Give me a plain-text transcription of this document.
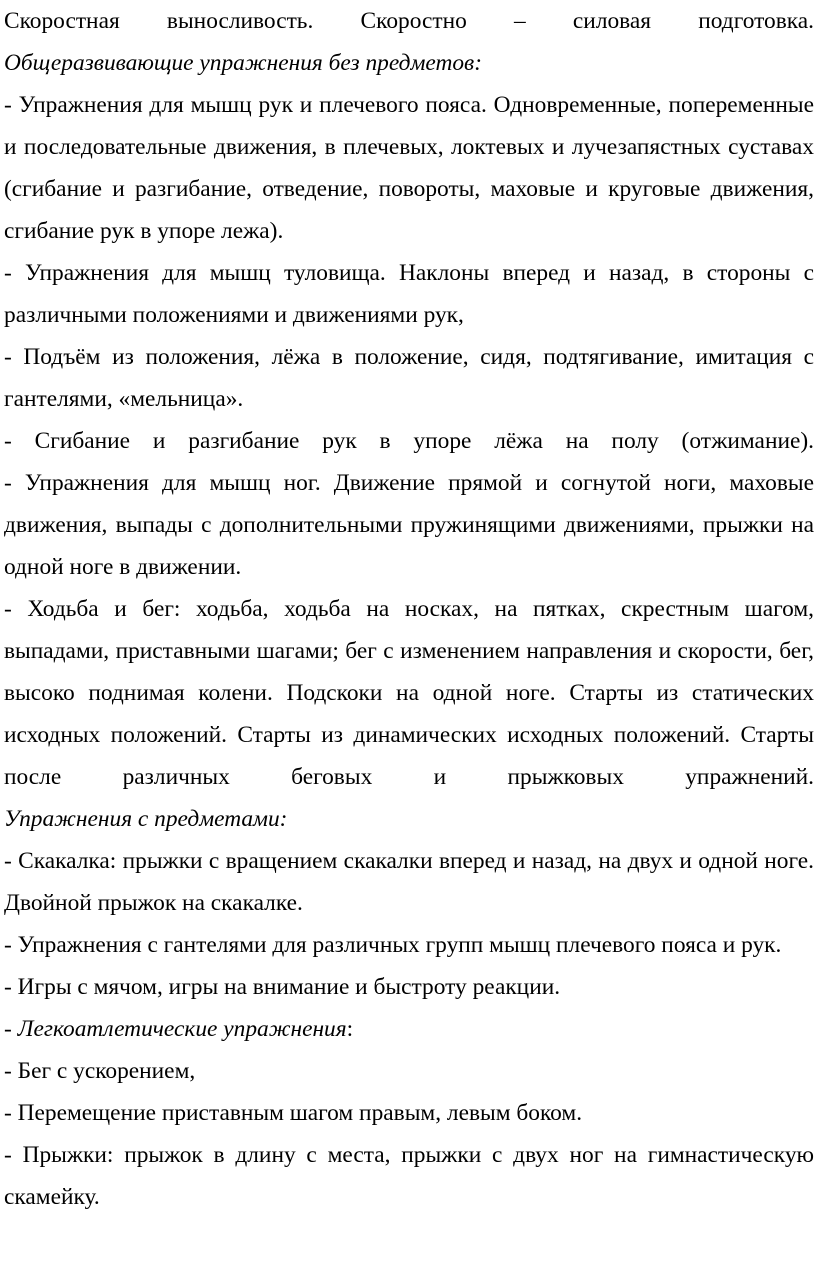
Скоростная выносливость. Скоростно – силовая подготовка.

Общеразвивающие упражнения без предметов:

- Упражнения для мышц рук и плечевого пояса. Одновременные, попеременные и последовательные движения, в плечевых, локтевых и лучезапястных суставах (сгибание и разгибание, отведение, повороты, маховые и круговые движения, сгибание рук в упоре лежа).

- Упражнения для мышц туловища. Наклоны вперед и назад, в стороны с различными положениями и движениями рук,

- Подъём из положения, лёжа в положение, сидя, подтягивание, имитация с гантелями, «мельница».

- Сгибание и разгибание рук в упоре лёжа на полу (отжимание).

- Упражнения для мышц ног. Движение прямой и согнутой ноги, маховые движения, выпады с дополнительными пружинящими движениями, прыжки на одной ноге в движении.

- Ходьба и бег: ходьба, ходьба на носках, на пятках, скрестным шагом, выпадами, приставными шагами; бег с изменением направления и скорости, бег, высоко поднимая колени. Подскоки на одной ноге. Старты из статических исходных положений. Старты из динамических исходных положений. Старты после различных беговых и прыжковых упражнений.

Упражнения с предметами:

- Скакалка: прыжки с вращением скакалки вперед и назад, на двух и одной ноге. Двойной прыжок на скакалке.

- Упражнения с гантелями для различных групп мышц плечевого пояса и рук.

- Игры с мячом, игры на внимание и быстроту реакции.

- Легкоатлетические упражнения:

- Бег с ускорением,

- Перемещение приставным шагом правым, левым боком.

- Прыжки: прыжок в длину с места, прыжки с двух ног на гимнастическую скамейку.
